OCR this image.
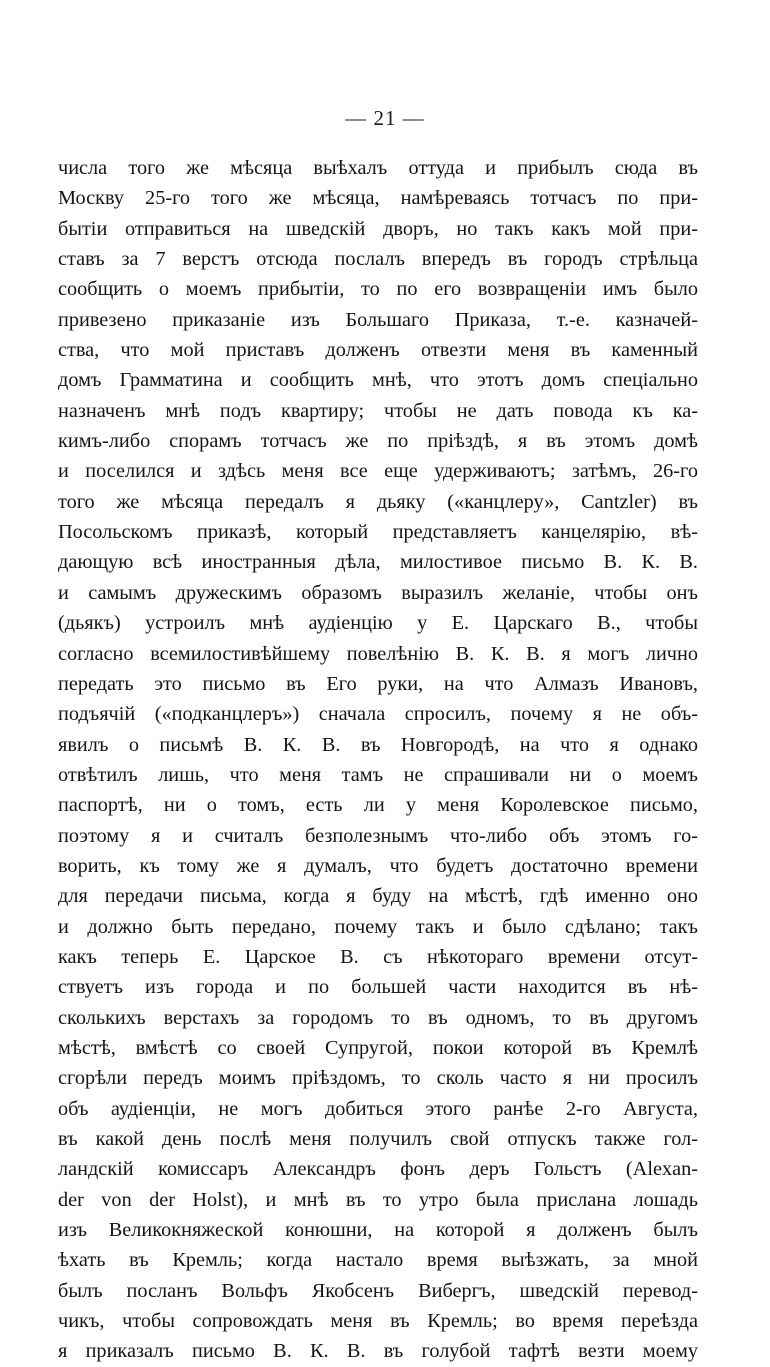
— 21 —
числа того же мѣсяца выѣхалъ оттуда и прибылъ сюда въ
Москву 25-го того же мѣсяца, намѣреваясь тотчасъ по при-
бытіи отправиться на шведскій дворъ, но такъ какъ мой при-
ставъ за 7 верстъ отсюда послалъ впередъ въ городъ стрѣльца
сообщить о моемъ прибытіи, то по его возвращеніи имъ было
привезено приказаніе изъ Большаго Приказа, т.-е. казначей-
ства, что мой приставъ долженъ отвезти меня въ каменный
домъ Грамматина и сообщить мнѣ, что этотъ домъ спеціально
назначенъ мнѣ подъ квартиру; чтобы не дать повода къ ка-
кимъ-либо спорамъ тотчасъ же по пріѣздѣ, я въ этомъ домѣ
и поселился и здѣсь меня все еще удерживаютъ; затѣмъ, 26-го
того же мѣсяца передалъ я дьяку («канцлеру», Cantzler) въ
Посольскомъ приказѣ, который представляетъ канцелярію, вѣ-
дающую всѣ иностранныя дѣла, милостивое письмо В. К. В.
и самымъ дружескимъ образомъ выразилъ желаніе, чтобы онъ
(дьякъ) устроилъ мнѣ аудіенцію у Е. Царскаго В., чтобы
согласно всемилостивѣйшему повелѣнію В. К. В. я могъ лично
передать это письмо въ Его руки, на что Алмазъ Ивановъ,
подъячій («подканцлеръ») сначала спросилъ, почему я не объ-
явилъ о письмѣ В. К. В. въ Новгородѣ, на что я однако
отвѣтилъ лишь, что меня тамъ не спрашивали ни о моемъ
паспортѣ, ни о томъ, есть ли у меня Королевское письмо,
поэтому я и считалъ безполезнымъ что-либо объ этомъ го-
ворить, къ тому же я думалъ, что будетъ достаточно времени
для передачи письма, когда я буду на мѣстѣ, гдѣ именно оно
и должно быть передано, почему такъ и было сдѣлано; такъ
какъ теперь Е. Царское В. съ нѣкотораго времени отсут-
ствуетъ изъ города и по большей части находится въ нѣ-
сколькихъ верстахъ за городомъ то въ одномъ, то въ другомъ
мѣстѣ, вмѣстѣ со своей Супругой, покои которой въ Кремлѣ
сгорѣли передъ моимъ пріѣздомъ, то сколь часто я ни просилъ
объ аудіенціи, не могъ добиться этого ранѣе 2-го Августа,
въ какой день послѣ меня получилъ свой отпускъ также гол-
ландскій комиссаръ Александръ фонъ деръ Гольстъ (Alexan-
der von der Holst), и мнѣ въ то утро была прислана лошадь
изъ Великокняжеской конюшни, на которой я долженъ былъ
ѣхать въ Кремль; когда настало время выѣзжать, за мной
былъ посланъ Вольфъ Якобсенъ Вибергъ, шведскій перевод-
чикъ, чтобы сопровождать меня въ Кремль; во время переѣзда
я приказалъ письмо В. К. В. въ голубой тафтѣ везти моему
